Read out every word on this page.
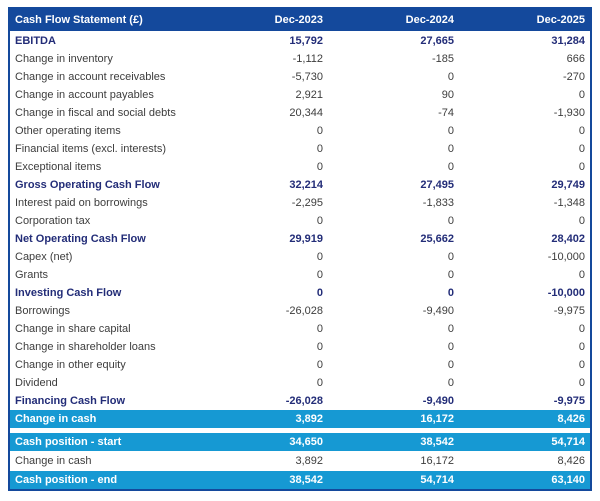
Cash Flow Statement (£)	Dec-2023	Dec-2024	Dec-2025
EBITDA	15,792	27,665	31,284
Change in inventory	-1,112	-185	666
Change in account receivables	-5,730	0	-270
Change in account payables	2,921	90	0
Change in fiscal and social debts	20,344	-74	-1,930
Other operating items	0	0	0
Financial items (excl. interests)	0	0	0
Exceptional items	0	0	0
Gross Operating Cash Flow	32,214	27,495	29,749
Interest paid on borrowings	-2,295	-1,833	-1,348
Corporation tax	0	0	0
Net Operating Cash Flow	29,919	25,662	28,402
Capex (net)	0	0	-10,000
Grants	0	0	0
Investing Cash Flow	0	0	-10,000
Borrowings	-26,028	-9,490	-9,975
Change in share capital	0	0	0
Change in shareholder loans	0	0	0
Change in other equity	0	0	0
Dividend	0	0	0
Financing Cash Flow	-26,028	-9,490	-9,975
Change in cash	3,892	16,172	8,426
Cash position - start	34,650	38,542	54,714
Change in cash	3,892	16,172	8,426
Cash position - end	38,542	54,714	63,140
